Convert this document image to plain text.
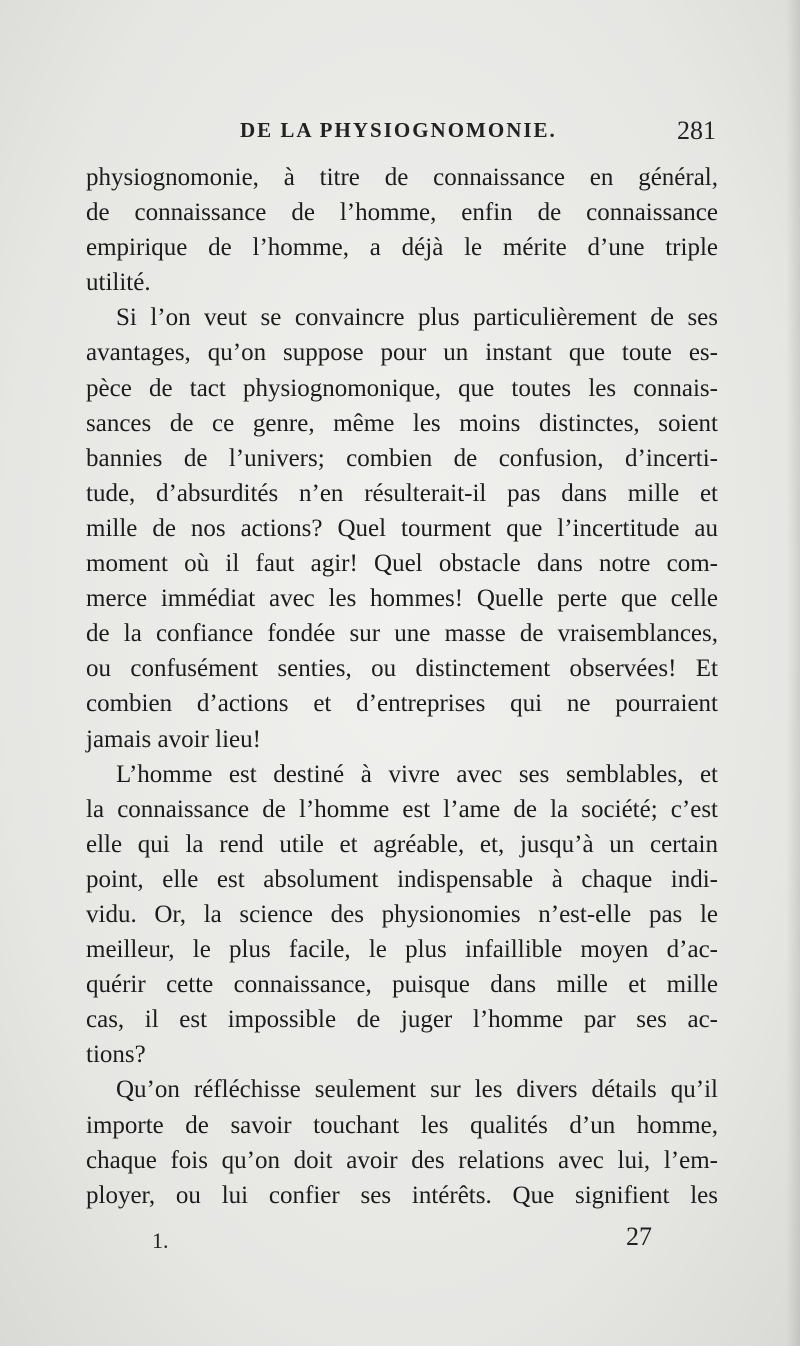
DE LA PHYSIOGNOMONIE.	281
physiognomonie, à titre de connaissance en général,
de connaissance de l’homme, enfin de connaissance
empirique de l’homme, a déjà le mérite d’une triple
utilité.
Si l’on veut se convaincre plus particulièrement de ses
avantages, qu’on suppose pour un instant que toute es-
pèce de tact physiognomonique, que toutes les connais-
sances de ce genre, même les moins distinctes, soient
bannies de l’univers; combien de confusion, d’incerti-
tude, d’absurdités n’en résulterait-il pas dans mille et
mille de nos actions? Quel tourment que l’incertitude au
moment où il faut agir! Quel obstacle dans notre com-
merce immédiat avec les hommes! Quelle perte que celle
de la confiance fondée sur une masse de vraisemblances,
ou confusément senties, ou distinctement observées! Et
combien d’actions et d’entreprises qui ne pourraient
jamais avoir lieu!
L’homme est destiné à vivre avec ses semblables, et
la connaissance de l’homme est l’ame de la société; c’est
elle qui la rend utile et agréable, et, jusqu’à un certain
point, elle est absolument indispensable à chaque indi-
vidu. Or, la science des physionomies n’est-elle pas le
meilleur, le plus facile, le plus infaillible moyen d’ac-
quérir cette connaissance, puisque dans mille et mille
cas, il est impossible de juger l’homme par ses ac-
tions?
Qu’on réfléchisse seulement sur les divers détails qu’il
importe de savoir touchant les qualités d’un homme,
chaque fois qu’on doit avoir des relations avec lui, l’em-
ployer, ou lui confier ses intérêts. Que signifient les
1.	27
